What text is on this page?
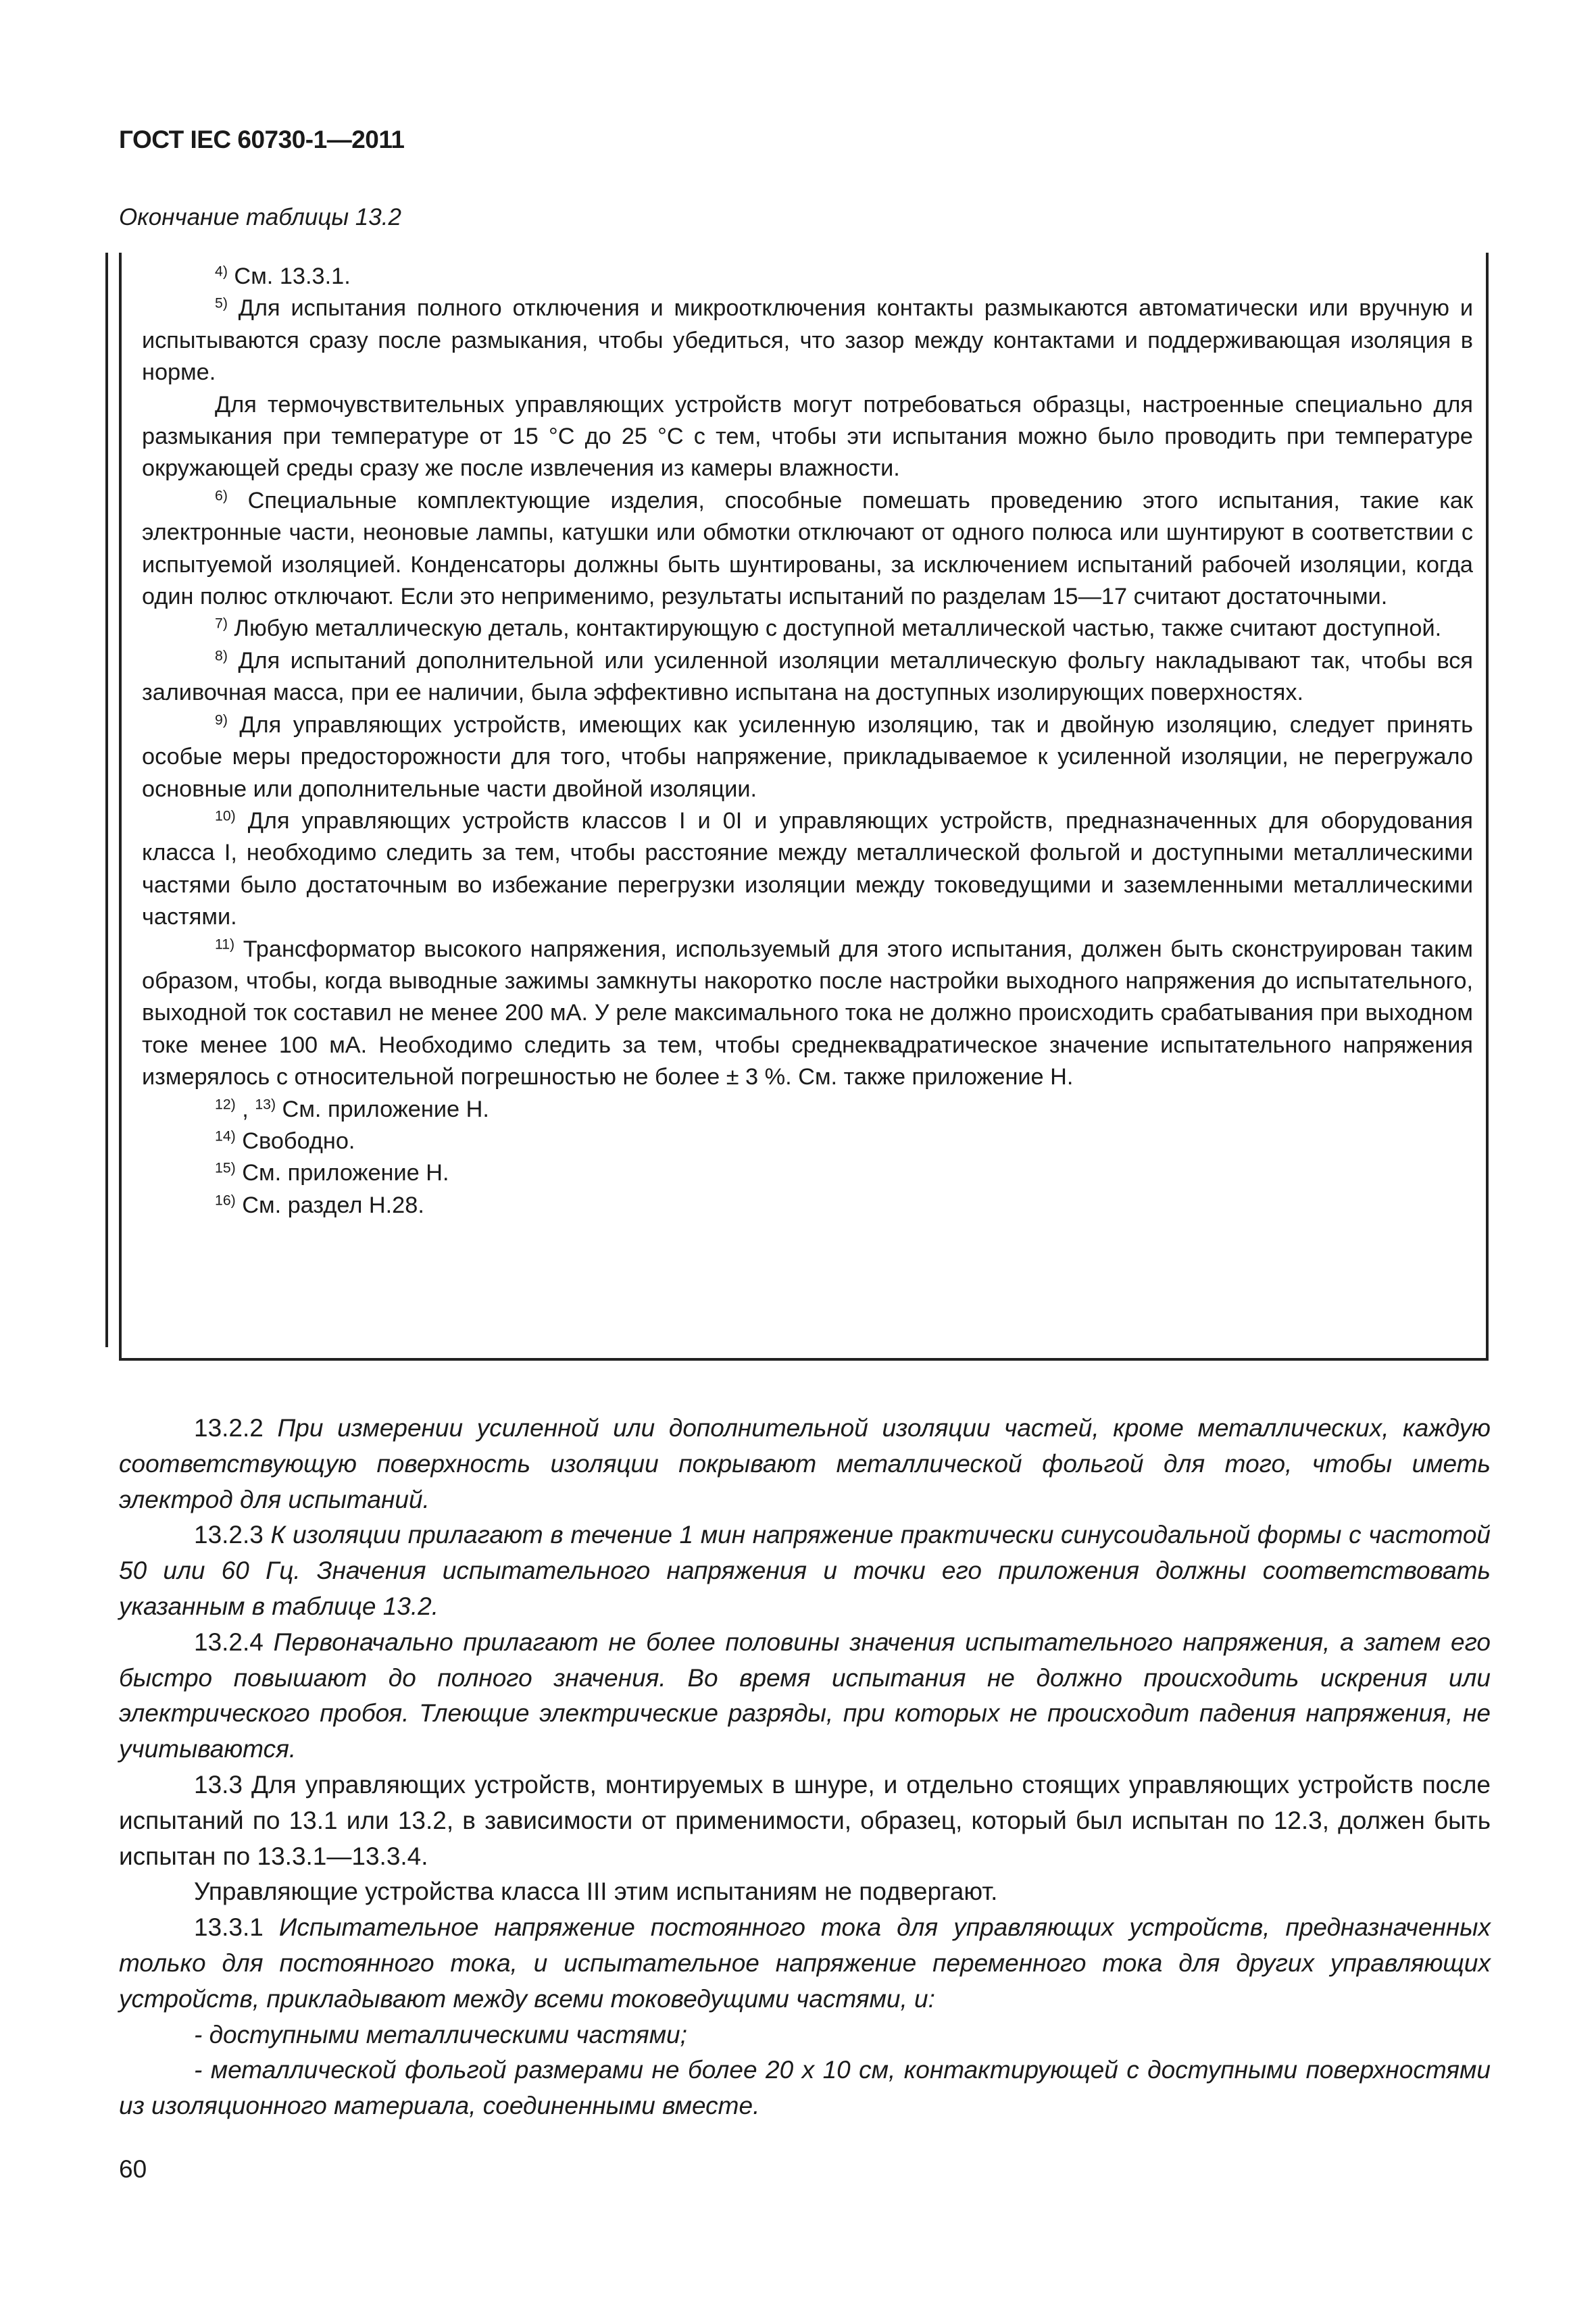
ГОСТ IEC 60730-1—2011
Окончание таблицы 13.2

$^{4)}$ См. 13.3.1.

$^{5)}$ Для испытания полного отключения и микроотключения контакты размыкаются автоматически или вручную и испытываются сразу после размыкания, чтобы убедиться, что зазор между контактами и поддерживающая изоляция в норме.

Для термочувствительных управляющих устройств могут потребоваться образцы, настроенные специально для размыкания при температуре от 15 °С до 25 °С с тем, чтобы эти испытания можно было проводить при температуре окружающей среды сразу же после извлечения из камеры влажности.

$^{6)}$ Специальные комплектующие изделия, способные помешать проведению этого испытания, такие как электронные части, неоновые лампы, катушки или обмотки отключают от одного полюса или шунтируют в соответствии с испытуемой изоляцией. Конденсаторы должны быть шунтированы, за исключением испытаний рабочей изоляции, когда один полюс отключают. Если это неприменимо, результаты испытаний по разделам 15—17 считают достаточными.

$^{7)}$ Любую металлическую деталь, контактирующую с доступной металлической частью, также считают доступной.

$^{8)}$ Для испытаний дополнительной или усиленной изоляции металлическую фольгу накладывают так, чтобы вся заливочная масса, при ее наличии, была эффективно испытана на доступных изолирующих поверхностях.

$^{9)}$ Для управляющих устройств, имеющих как усиленную изоляцию, так и двойную изоляцию, следует принять особые меры предосторожности для того, чтобы напряжение, прикладываемое к усиленной изоляции, не перегружало основные или дополнительные части двойной изоляции.

$^{10)}$ Для управляющих устройств классов I и 0I и управляющих устройств, предназначенных для оборудования класса I, необходимо следить за тем, чтобы расстояние между металлической фольгой и доступными металлическими частями было достаточным во избежание перегрузки изоляции между токоведущими и заземленными металлическими частями.

$^{11)}$ Трансформатор высокого напряжения, используемый для этого испытания, должен быть сконструирован таким образом, чтобы, когда выводные зажимы замкнуты накоротко после настройки выходного напряжения до испытательного, выходной ток составил не менее 200 мА. У реле максимального тока не должно происходить срабатывания при выходном токе менее 100 мА. Необходимо следить за тем, чтобы среднеквадратическое значение испытательного напряжения измерялось с относительной погрешностью не более ± 3 %. См. также приложение Н.

$^{12)}$ , $^{13)}$ См. приложение Н.

$^{14)}$ Свободно.

$^{15)}$ См. приложение Н.

$^{16)}$ См. раздел Н.28.

13.2.2 При измерении усиленной или дополнительной изоляции частей, кроме металлических, каждую соответствующую поверхность изоляции покрывают металлической фольгой для того, чтобы иметь электрод для испытаний.

13.2.3 К изоляции прилагают в течение 1 мин напряжение практически синусоидальной формы с частотой 50 или 60 Гц. Значения испытательного напряжения и точки его приложения должны соответствовать указанным в таблице 13.2.

13.2.4 Первоначально прилагают не более половины значения испытательного напряжения, а затем его быстро повышают до полного значения. Во время испытания не должно происходить искрения или электрического пробоя. Тлеющие электрические разряды, при которых не происходит падения напряжения, не учитываются.

13.3 Для управляющих устройств, монтируемых в шнуре, и отдельно стоящих управляющих устройств после испытаний по 13.1 или 13.2, в зависимости от применимости, образец, который был испытан по 12.3, должен быть испытан по 13.3.1—13.3.4.

Управляющие устройства класса III этим испытаниям не подвергают.

13.3.1 Испытательное напряжение постоянного тока для управляющих устройств, предназначенных только для постоянного тока, и испытательное напряжение переменного тока для других управляющих устройств, прикладывают между всеми токоведущими частями, и:

- доступными металлическими частями;

- металлической фольгой размерами не более 20 х 10 см, контактирующей с доступными поверхностями из изоляционного материала, соединенными вместе.

60
